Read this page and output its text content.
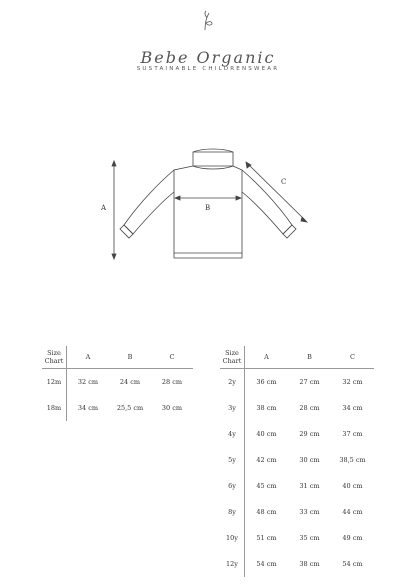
Bebe Organic
SUSTAINABLE CHILDRENSWEAR
A	B
C
Size
Chart	A	B	C

12m	32 cm	24 cm	28 cm
18m	34 cm	25,5 cm	30 cm
Size
Chart	A	B	C

2y	36 cm	27 cm	32 cm
3y	38 cm	28 cm	34 cm
4y	40 cm	29 cm	37 cm
5y	42 cm	30 cm	38,5 cm
6y	45 cm	31 cm	40 cm
8y	48 cm	33 cm	44 cm
10y	51 cm	35 cm	49 cm
12y	54 cm	38 cm	54 cm
